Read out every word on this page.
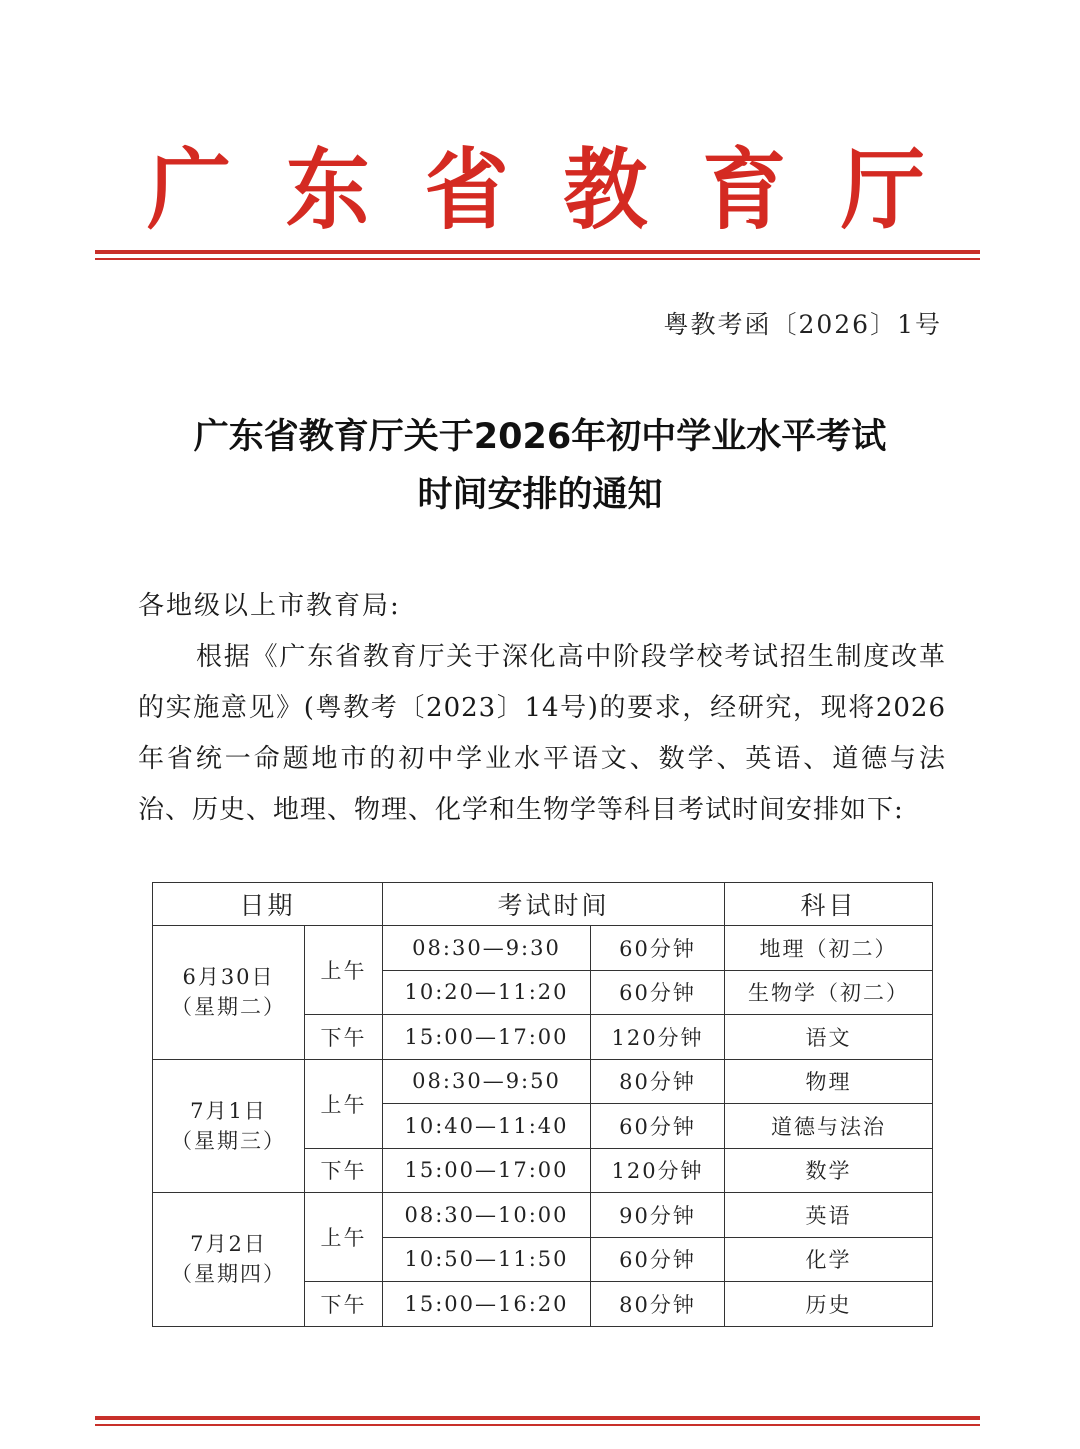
广 东 省 教 育 厅
粤教考函〔2026〕1号
广东省教育厅关于2026年初中学业水平考试
时间安排的通知
各地级以上市教育局:
根据《广东省教育厅关于深化高中阶段学校考试招生制度改革的实施意见》(粤教考〔2023〕14号)的要求，经研究，现将2026年省统一命题地市的初中学业水平语文、数学、英语、道德与法治、历史、地理、物理、化学和生物学等科目考试时间安排如下:
日期		考试时间		科目

6月30日
（星期二）	上午	08:30—9:30	60分钟	地理（初二）
		10:20—11:20	60分钟	生物学（初二）
	下午	15:00—17:00	120分钟	语文

7月1日
（星期三）	上午	08:30—9:50	80分钟	物理
		10:40—11:40	60分钟	道德与法治
	下午	15:00—17:00	120分钟	数学

7月2日
（星期四）	上午	08:30—10:00	90分钟	英语
		10:50—11:50	60分钟	化学
	下午	15:00—16:20	80分钟	历史
